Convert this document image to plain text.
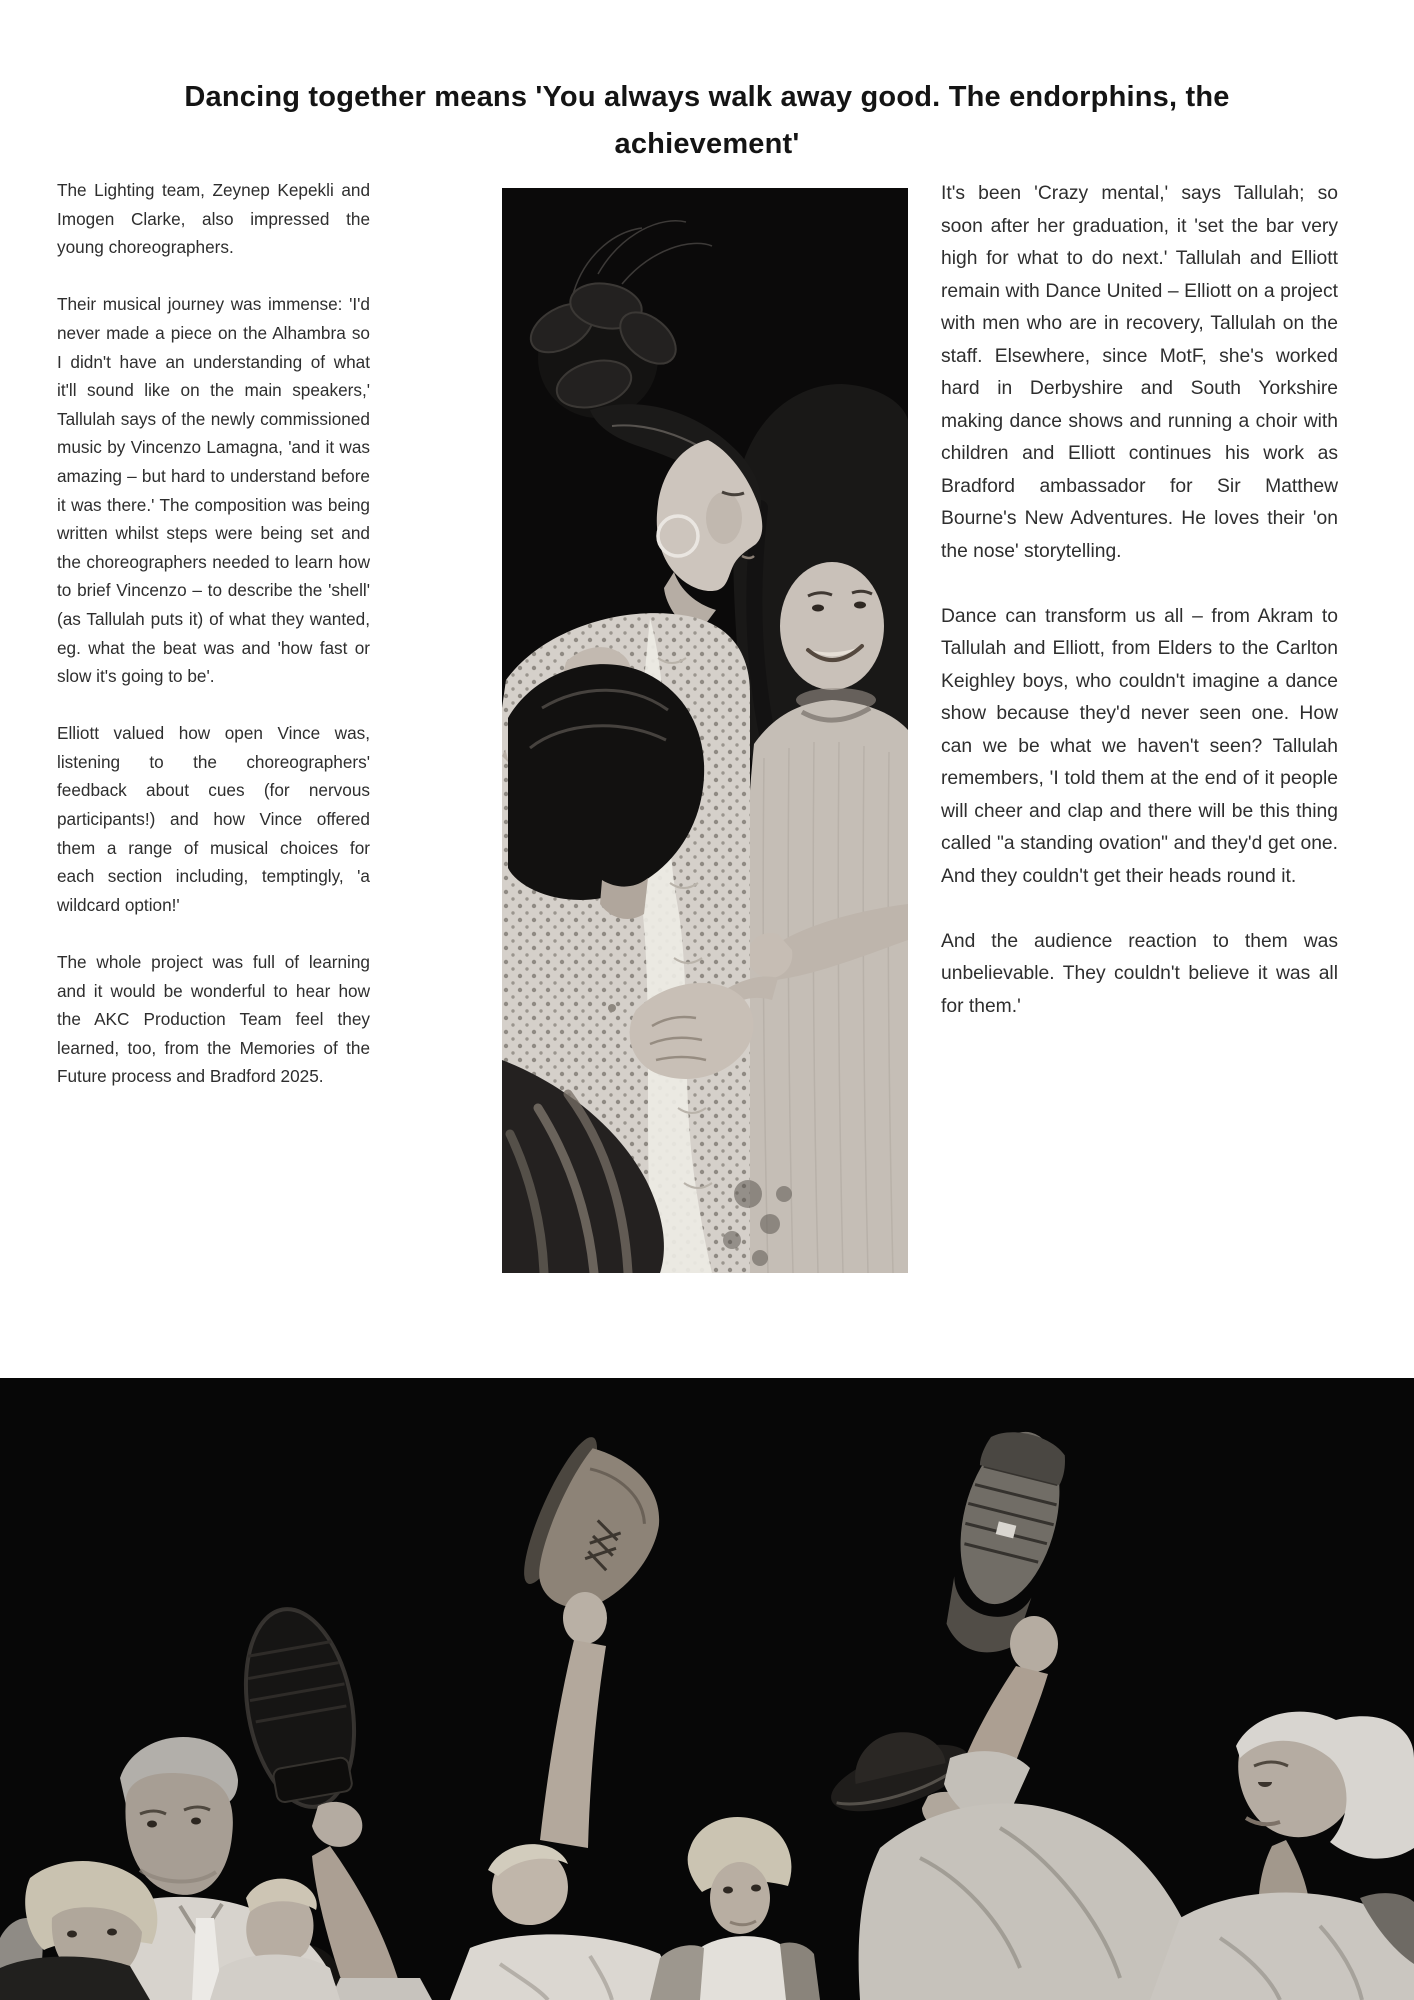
Dancing together means 'You always walk away good. The endorphins, the
achievement'

The Lighting team, Zeynep Kepekli and Imogen Clarke, also impressed the young choreographers.

Their musical journey was immense: 'I'd never made a piece on the Alhambra so I didn't have an understanding of what it'll sound like on the main speakers,' Tallulah says of the newly commissioned music by Vincenzo Lamagna, 'and it was amazing – but hard to understand before it was there.' The composition was being written whilst steps were being set and the choreographers needed to learn how to brief Vincenzo – to describe the 'shell' (as Tallulah puts it) of what they wanted, eg. what the beat was and 'how fast or slow it's going to be'.

Elliott valued how open Vince was, listening to the choreographers' feedback about cues (for nervous participants!) and how Vince offered them a range of musical choices for each section including, temptingly, 'a wildcard option!'

The whole project was full of learning and it would be wonderful to hear how the AKC Production Team feel they learned, too, from the Memories of the Future process and Bradford 2025.

It's been 'Crazy mental,' says Tallulah; so soon after her graduation, it 'set the bar very high for what to do next.' Tallulah and Elliott remain with Dance United – Elliott on a project with men who are in recovery, Tallulah on the staff. Elsewhere, since MotF, she's worked hard in Derbyshire and South Yorkshire making dance shows and running a choir with children and Elliott continues his work as Bradford ambassador for Sir Matthew Bourne's New Adventures. He loves their 'on the nose' storytelling.

Dance can transform us all – from Akram to Tallulah and Elliott, from Elders to the Carlton Keighley boys, who couldn't imagine a dance show because they'd never seen one. How can we be what we haven't seen? Tallulah remembers, 'I told them at the end of it people will cheer and clap and there will be this thing called "a standing ovation" and they'd get one. And they couldn't get their heads round it.

And the audience reaction to them was unbelievable. They couldn't believe it was all for them.'
